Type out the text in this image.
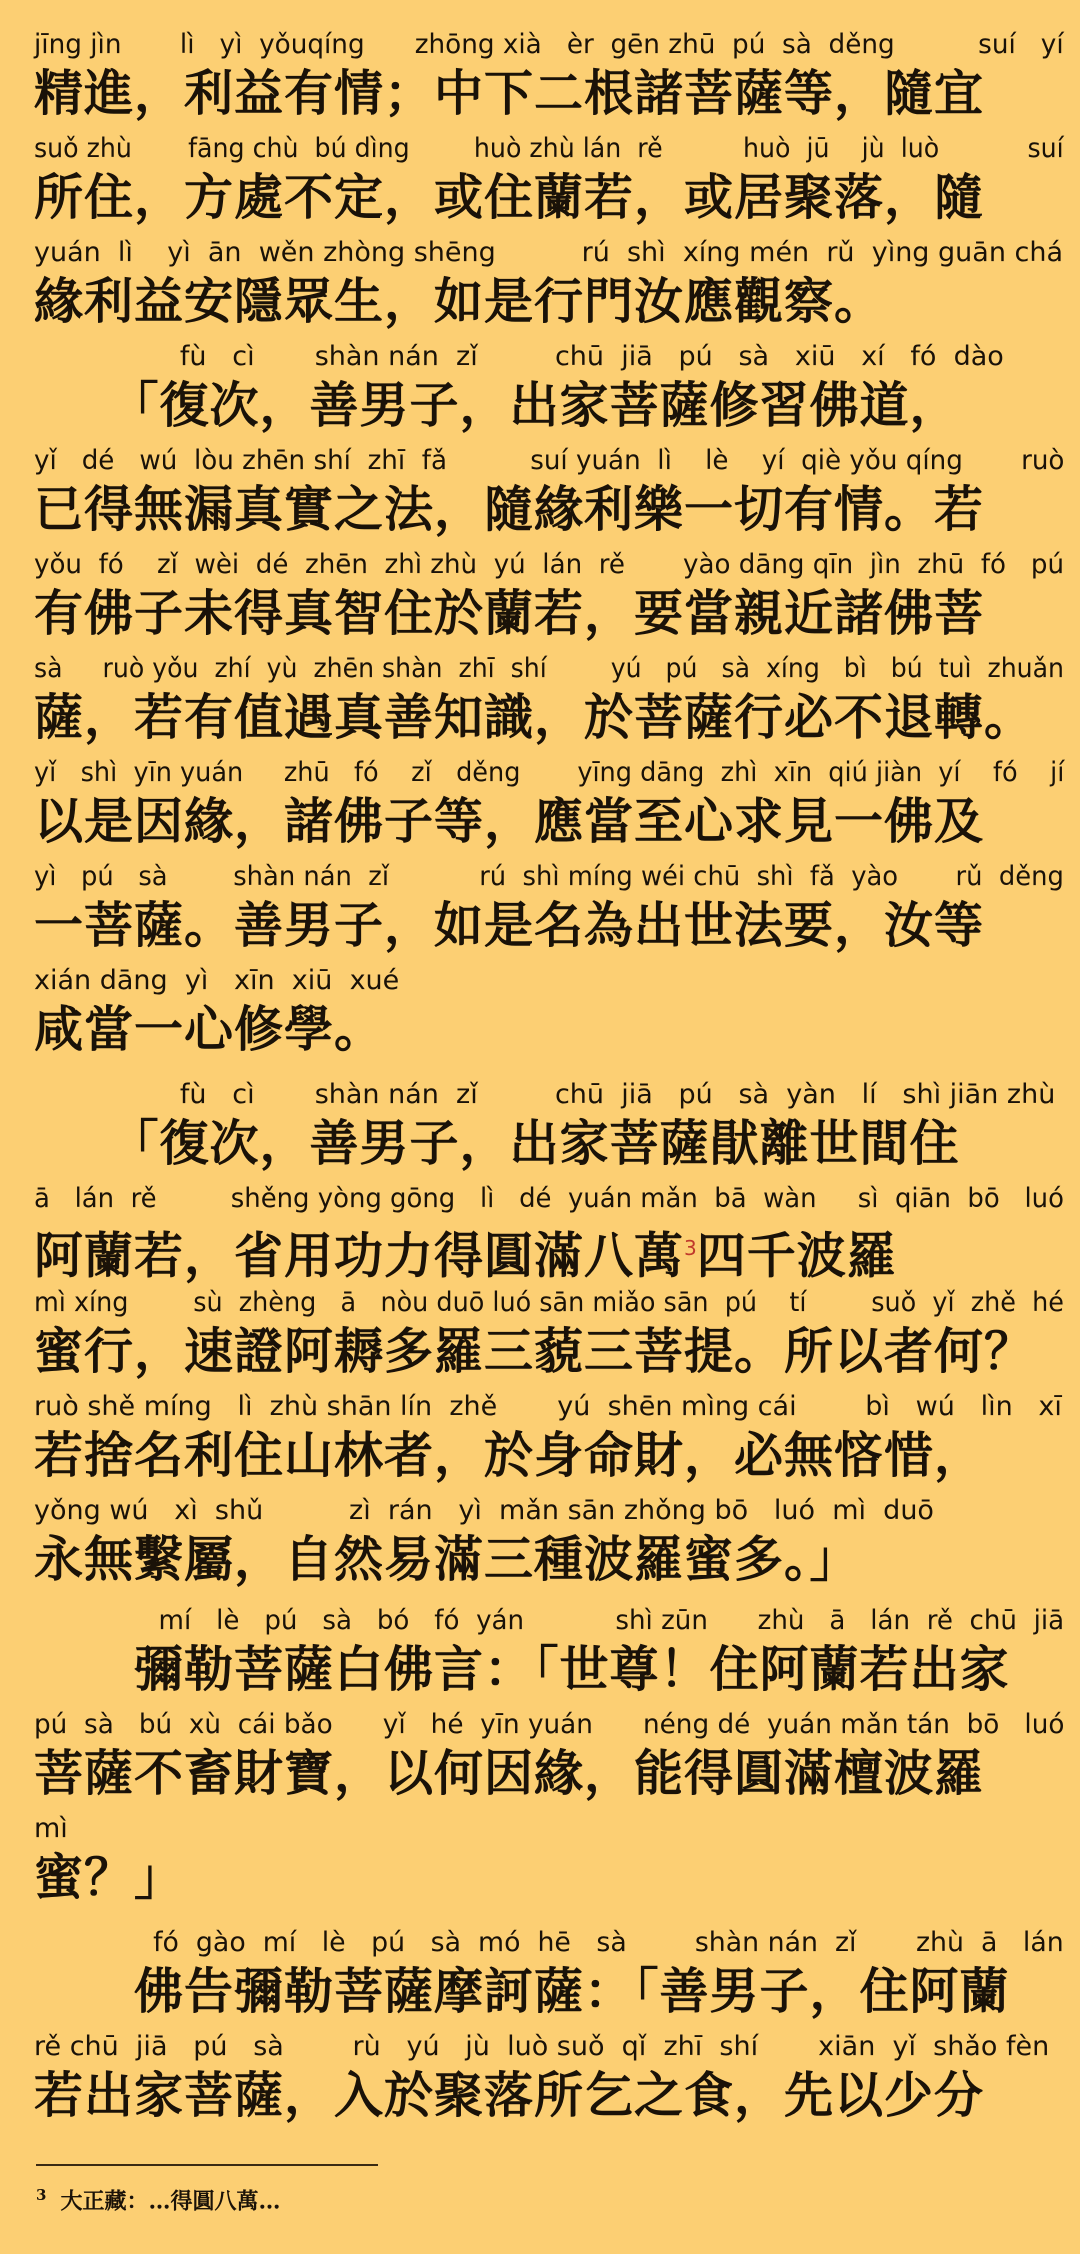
jīng jìn       lì   yì  yǒuqíng      zhōng xià   èr  gēn zhū  pú  sà  děng          suí   yí
精進，利益有情；中下二根諸菩薩等，隨宜
suǒ zhù       fāng chù  bú dìng        huò zhù lán  rě          huò  jū    jù  luò           suí
所住，方處不定，或住蘭若，或居聚落，隨
yuán  lì    yì  ān  wěn zhòng shēng          rú  shì  xíng mén  rǔ  yìng guān chá
緣利益安隱眾生，如是行門汝應觀察。
fù   cì       shàn nán  zǐ         chū  jiā   pú   sà   xiū   xí   fó  dào
　　「復次，善男子，出家菩薩修習佛道，
yǐ   dé   wú  lòu zhēn shí  zhī  fǎ          suí yuán  lì    lè    yí  qiè yǒu qíng       ruò
已得無漏真實之法，隨緣利樂一切有情。若
yǒu  fó    zǐ  wèi  dé  zhēn  zhì zhù  yú  lán  rě       yào dāng qīn  jìn  zhū  fó   pú
有佛子未得真智住於蘭若，要當親近諸佛菩
sà     ruò yǒu  zhí  yù  zhēn shàn  zhī  shí        yú   pú   sà  xíng   bì   bú  tuì  zhuǎn
薩，若有值遇真善知識，於菩薩行必不退轉。
yǐ   shì  yīn yuán     zhū   fó    zǐ   děng       yīng dāng  zhì  xīn  qiú jiàn  yí    fó    jí
以是因緣，諸佛子等，應當至心求見一佛及
yì   pú   sà        shàn nán  zǐ           rú  shì míng wéi chū  shì  fǎ  yào       rǔ  děng
一菩薩。善男子，如是名為出世法要，汝等
xián dāng  yì   xīn  xiū  xué
咸當一心修學。
fù   cì       shàn nán  zǐ         chū  jiā   pú   sà  yàn   lí   shì jiān zhù
　　「復次，善男子，出家菩薩猒離世間住
ā   lán  rě         shěng yòng gōng   lì   dé  yuán mǎn  bā  wàn     sì  qiān  bō   luó
阿蘭若，省用功力得圓滿八萬$^3$四千波羅
mì xíng        sù  zhèng   ā   nòu duō luó sān miǎo sān  pú    tí        suǒ  yǐ  zhě  hé
蜜行，速證阿耨多羅三藐三菩提。所以者何？
ruò shě míng   lì  zhù shān lín  zhě       yú  shēn mìng cái        bì   wú   lìn   xī
若捨名利住山林者，於身命財，必無悋惜，
yǒng wú   xì  shǔ          zì  rán   yì  mǎn sān zhǒng bō   luó  mì  duō
永無繫屬，自然易滿三種波羅蜜多。」
mí   lè   pú   sà   bó   fó  yán           shì zūn      zhù   ā   lán  rě  chū  jiā
　　彌勒菩薩白佛言：「世尊！住阿蘭若出家
pú  sà   bú  xù  cái bǎo      yǐ   hé  yīn yuán      néng dé  yuán mǎn tán  bō   luó
菩薩不畜財寶，以何因緣，能得圓滿檀波羅
mì
蜜？」
fó  gào  mí   lè   pú   sà  mó  hē   sà        shàn nán  zǐ       zhù  ā   lán
　　佛告彌勒菩薩摩訶薩：「善男子，住阿蘭
rě chū  jiā   pú   sà        rù   yú   jù  luò suǒ  qǐ  zhī  shí       xiān  yǐ  shǎo fèn
若出家菩薩，入於聚落所乞之食，先以少分
$^3$ 大正藏：…得圓八萬…
